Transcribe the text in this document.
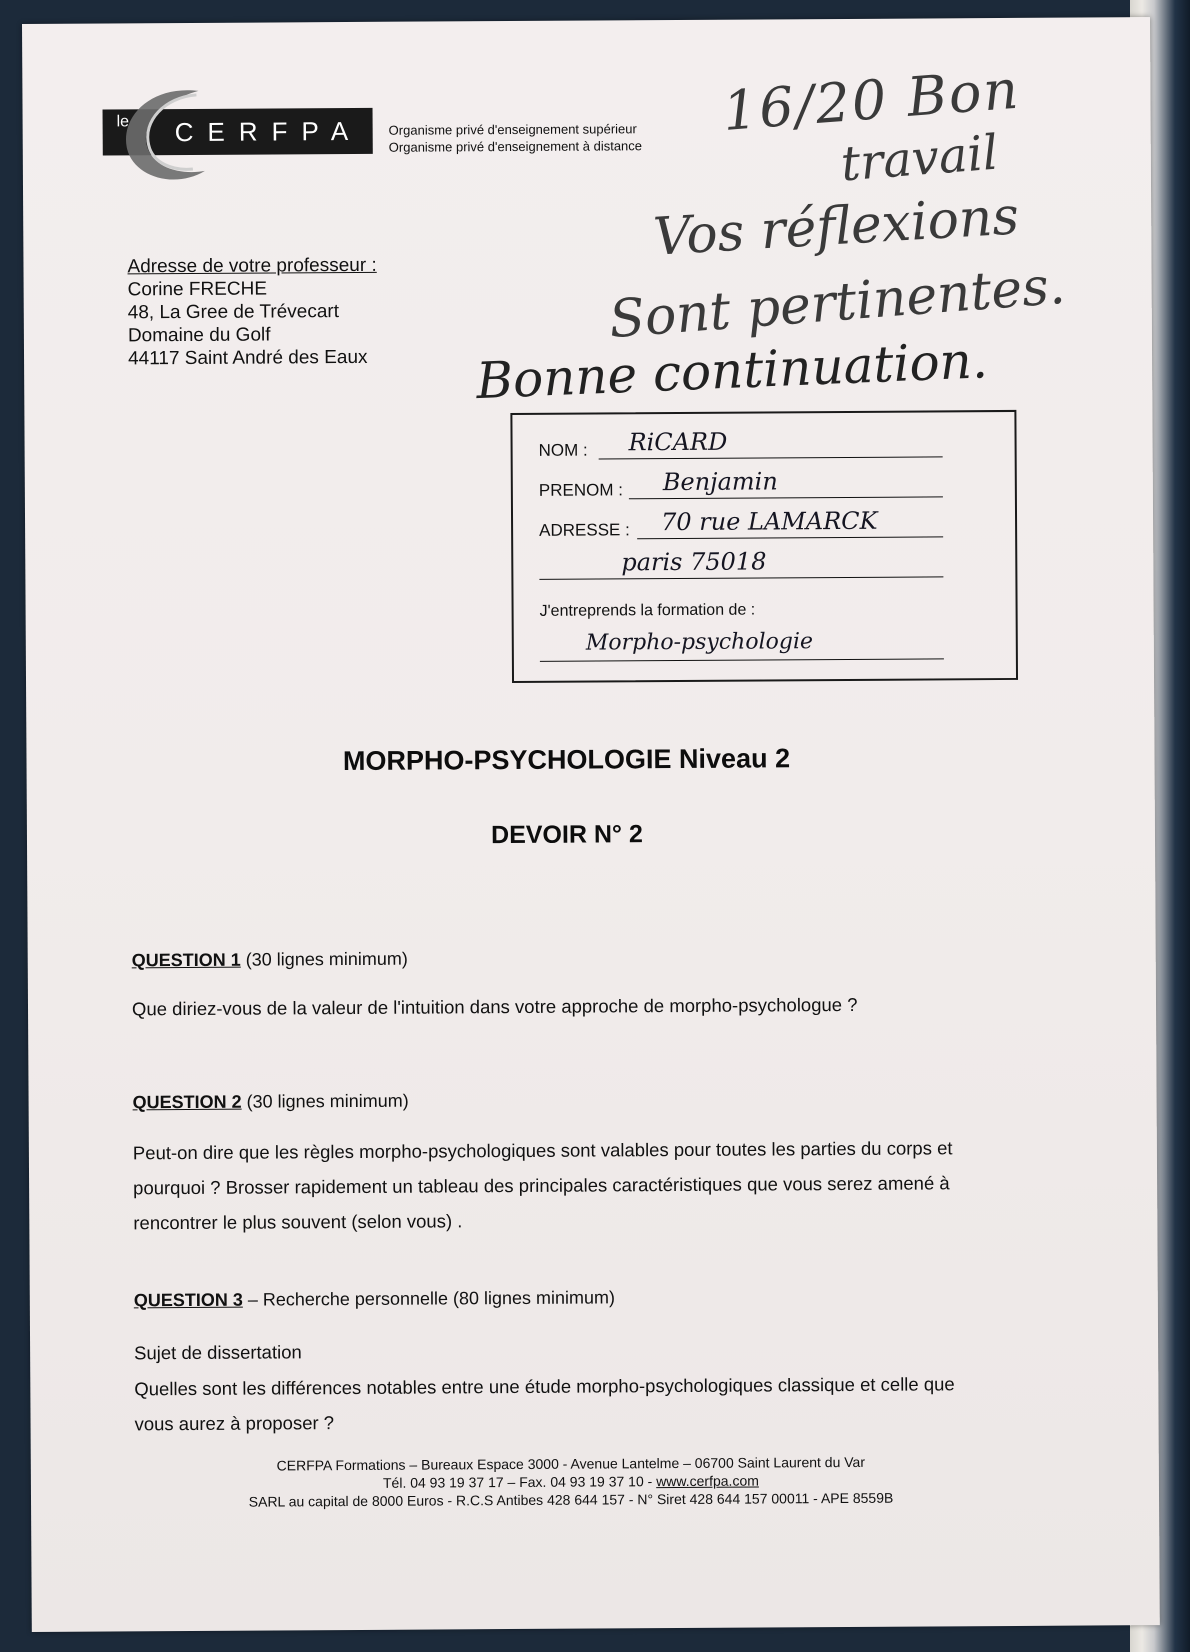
le CERFPA Organisme privé d'enseignement supérieur
Organisme privé d'enseignement à distance
Adresse de votre professeur :
Corine FRECHE
48, La Gree de Trévecart
Domaine du Golf
44117 Saint André des Eaux
16/20 Bon
travail
Vos réflexions
Sont pertinentes.
Bonne continuation.
NOM : RiCARD
PRENOM : Benjamin
ADRESSE : 70 rue LAMARCK
paris 75018
J'entreprends la formation de :
Morpho-psychologie
MORPHO-PSYCHOLOGIE Niveau 2
DEVOIR N° 2
QUESTION 1 (30 lignes minimum)
Que diriez-vous de la valeur de l'intuition dans votre approche de morpho-psychologue ?
QUESTION 2 (30 lignes minimum)
Peut-on dire que les règles morpho-psychologiques sont valables pour toutes les parties du corps et pourquoi ? Brosser rapidement un tableau des principales caractéristiques que vous serez amené à rencontrer le plus souvent (selon vous) .
QUESTION 3 – Recherche personnelle (80 lignes minimum)
Sujet de dissertation
Quelles sont les différences notables entre une étude morpho-psychologiques classique et celle que vous aurez à proposer ?
CERFPA Formations – Bureaux Espace 3000 - Avenue Lantelme – 06700 Saint Laurent du Var
Tél. 04 93 19 37 17 – Fax. 04 93 19 37 10 - www.cerfpa.com
SARL au capital de 8000 Euros - R.C.S Antibes 428 644 157 - N° Siret 428 644 157 00011 - APE 8559B
